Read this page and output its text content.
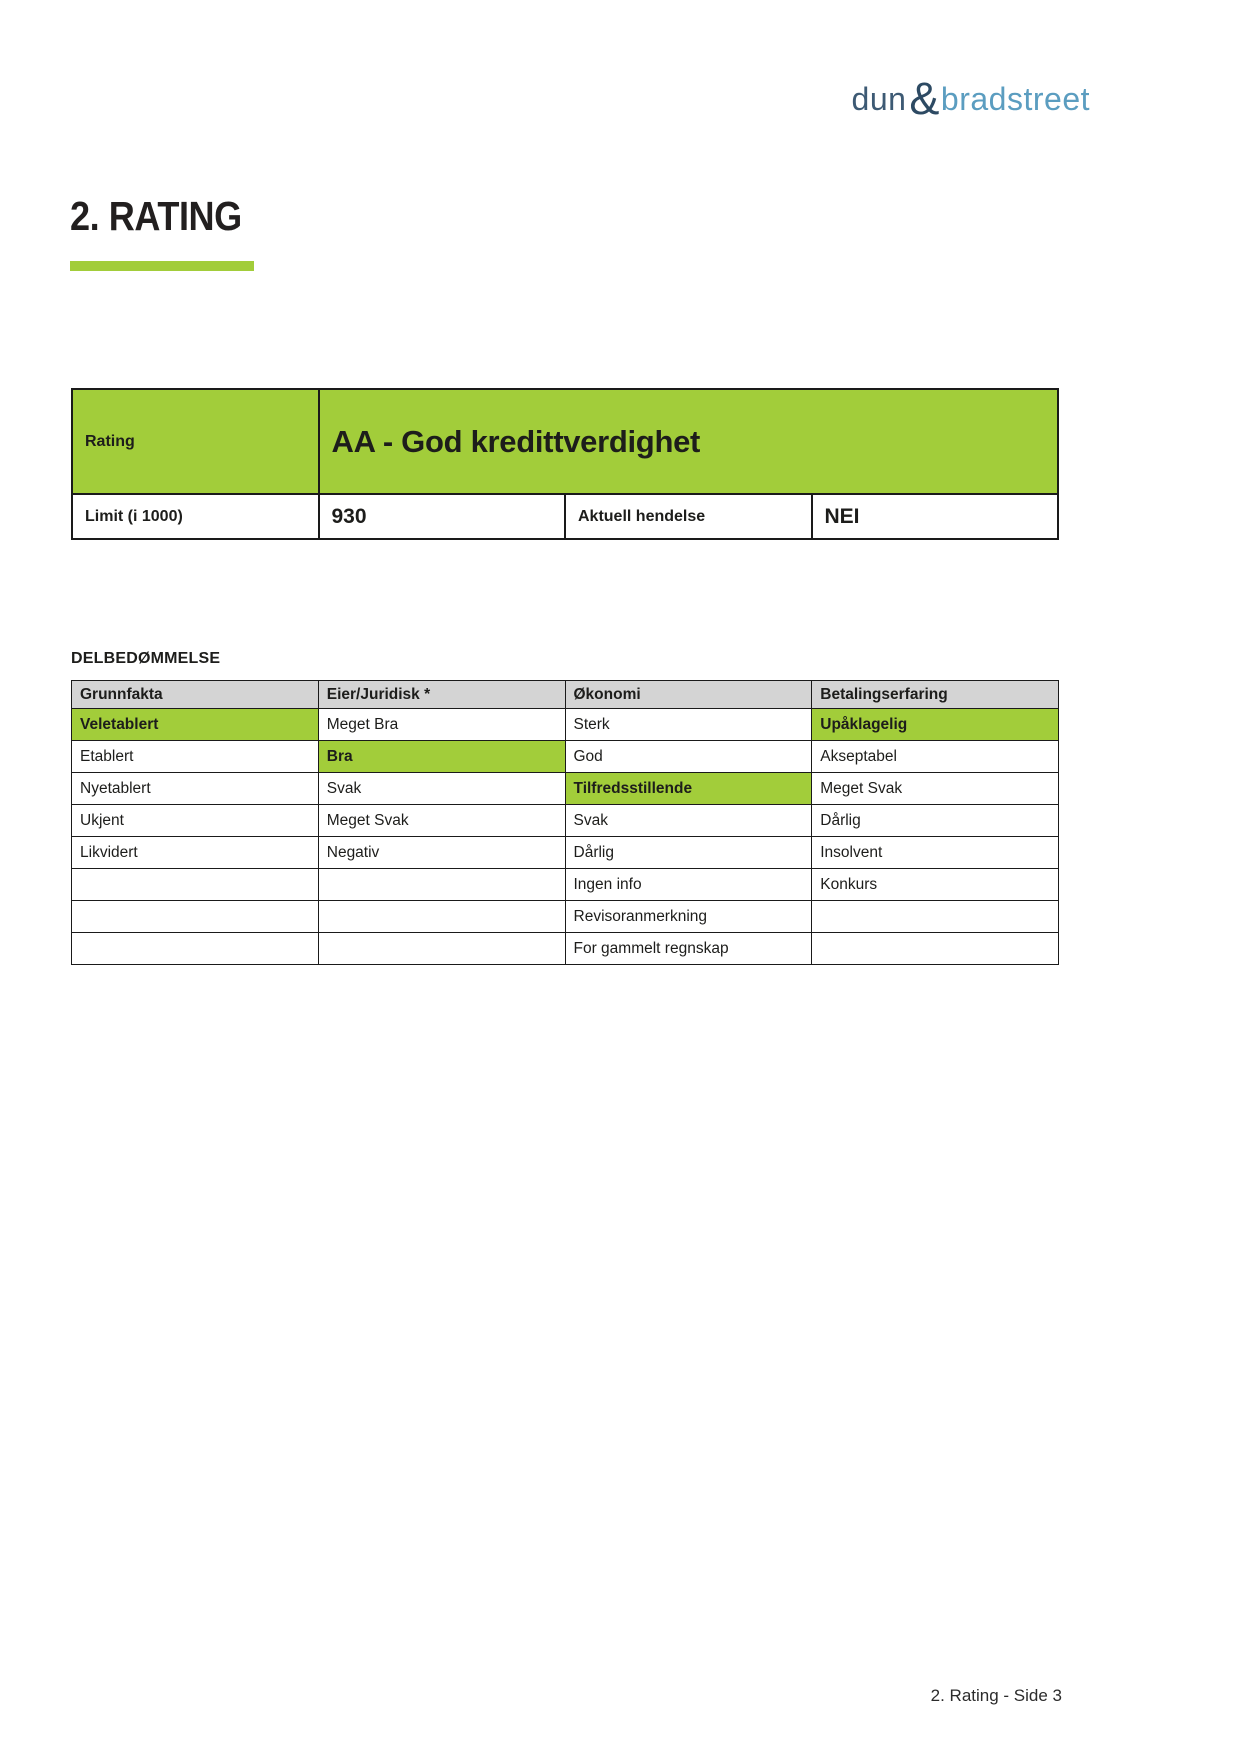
dun & bradstreet
2. RATING
Rating	AA - God kredittverdighet		
Limit (i 1000)	930	Aktuell hendelse	NEI
DELBEDØMMELSE
Grunnfakta	Eier/Juridisk *	Økonomi	Betalingserfaring
Veletablert	Meget Bra	Sterk	Upåklagelig
Etablert	Bra	God	Akseptabel
Nyetablert	Svak	Tilfredsstillende	Meget Svak
Ukjent	Meget Svak	Svak	Dårlig
Likvidert	Negativ	Dårlig	Insolvent
		Ingen info	Konkurs
		Revisoranmerkning	
		For gammelt regnskap	
2. Rating - Side 3
